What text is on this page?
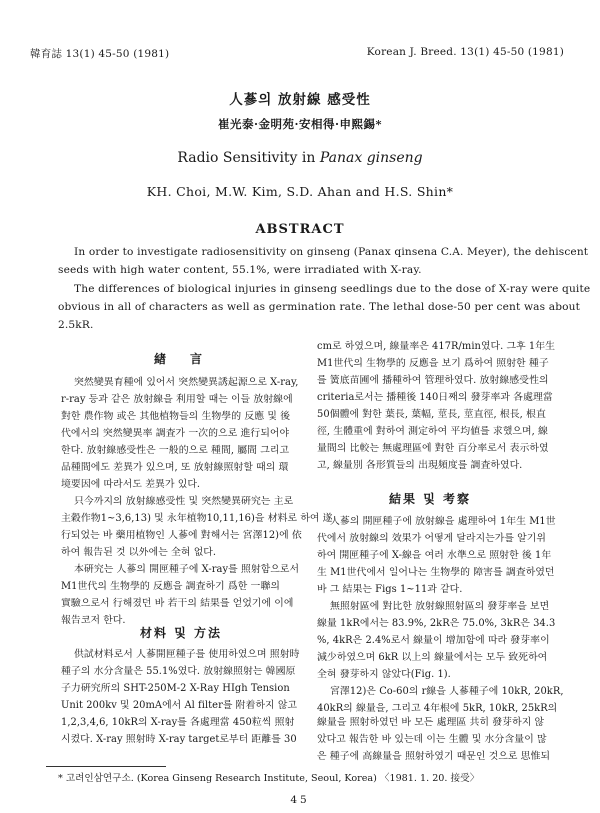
韓育誌 13(1) 45-50 (1981)	Korean J. Breed. 13(1) 45-50 (1981)
人蔘의 放射線 感受性
崔光泰·金明苑·安相得·申熙錫*
Radio Sensitivity in Panax ginseng
KH. Choi, M.W. Kim, S.D. Ahan and H.S. Shin*
ABSTRACT
In order to investigate radiosensitivity on ginseng (Panax qinsena C.A. Meyer), the dehiscent
seeds with high water content, 55.1%, were irradiated with X-ray.
The differences of biological injuries in ginseng seedlings due to the dose of X-ray were quite
obvious in all of characters as well as germination rate. The lethal dose-50 per cent was about
2.5kR.
緖　言
突然變異育種에 있어서 突然變異誘起源으로 X-ray,
r-ray 등과 같은 放射線을 利用할 때는 이들 放射線에
對한 農作物 或은 其他植物들의 生物學的 反應 및 後
代에서의 突然變異率 調査가 一次的으로 進行되어야
한다. 放射線感受性은 一般的으로 種間, 屬間 그리고
品種間에도 差異가 있으며, 또 放射線照射할 때의 環
境要因에 따라서도 差異가 있다.
只今까지의 放射線感受性 및 突然變異硏究는 主로
主穀作物1~3,6,13) 및 永年植物10,11,16)을 材料로 하여 遂
行되었는 바 藥用植物인 人蔘에 對해서는 宮澤12)에 依
하여 報告된 것 以外에는 全혀 없다.
本硏究는 人蔘의 開匣種子에 X-ray를 照射함으로서
M1世代의 生物學的 反應을 調査하기 爲한 一聯의
實驗으로서 行해졌던 바 若干의 結果를 얻었기에 이에
報告코저 한다.
材料 및 方法
供試材料로서 人蔘開匣種子를 使用하였으며 照射時
種子의 水分含量은 55.1%였다. 放射線照射는 韓國原
子力硏究所의 SHT-250M-2 X-Ray HIgh Tension
Unit 200kv 및 20mA에서 Al filter를 附着하지 않고
1,2,3,4,6, 10kR의 X-ray를 各處理當 450粒씩 照射
cm로 하였으며, 線量率은 417R/min였다. 그후 1年生
M1世代의 生物學的 反應을 보기 爲하여 照射한 種子
를 簧底苗圃에 播種하여 管理하였다. 放射線感受性의
criteria로서는 播種後 140日째의 發芽率과 各處理當
50個體에 對한 葉長, 葉幅, 莖長, 莖直徑, 根長, 根直
徑, 生體重에 對하여 測定하여 平均値를 求했으며, 線
量間의 比較는 無處理區에 對한 百分率로서 表示하였
고, 線量別 各形質들의 出現頻度를 調査하였다.
結果 및 考察
人蔘의 開匣種子에 放射線을 處理하여 1年生 M1世
代에서 放射線의 效果가 어떻게 달라지는가를 알기위
하여 開匣種子에 X-線을 여러 水準으로 照射한 後 1年
生 M1世代에서 일어나는 生物學的 障害를 調査하였던
바 그 結果는 Figs 1~11과 같다.
無照射區에 對比한 放射線照射區의 發芽率을 보면
線量 1kR에서는 83.9%, 2kR은 75.0%, 3kR은 34.3
%, 4kR은 2.4%로서 線量이 增加함에 따라 發芽率이
減少하였으며 6kR 以上의 線量에서는 모두 致死하여
全혀 發芽하지 않았다(Fig. 1).
宮澤12)은 Co-60의 r線을 人蔘種子에 10kR, 20kR,
40kR의 線量을, 그리고 4年根에 5kR, 10kR, 25kR의
線量을 照射하였던 바 모든 處理區 共히 發芽하지 않
* 고려인삼연구소. (Korea Ginseng Research Institute, Seoul, Korea) 〈1981. 1. 20. 接受〉
45
시켰다. X-ray 照射時 X-ray target로부터 距離를 30	았다고 報告한 바 있는데 이는 生體 및 水分含量이 많
은 種子에 高線量을 照射하였기 때문인 것으로 思惟되
